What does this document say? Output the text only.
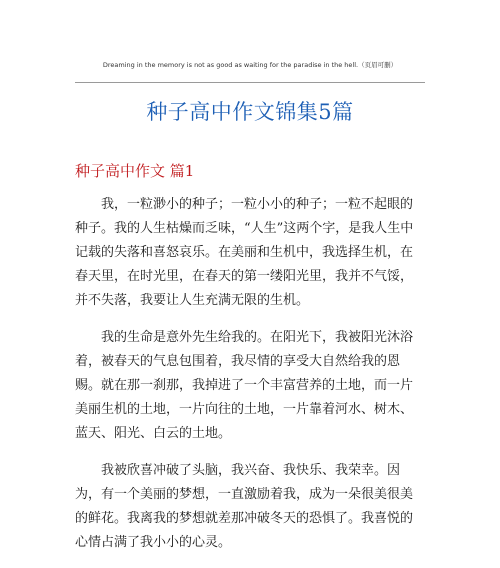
Dreaming in the memory is not as good as waiting for the paradise in the hell.（页眉可删）
种子高中作文锦集5篇
种子高中作文 篇1

我，一粒渺小的种子；一粒小小的种子；一粒不起眼的种子。我的人生枯燥而乏味，“人生”这两个字，是我人生中记载的失落和喜怒哀乐。在美丽和生机中，我选择生机，在春天里，在时光里，在春天的第一缕阳光里，我并不气馁，并不失落，我要让人生充满无限的生机。

我的生命是意外先生给我的。在阳光下，我被阳光沐浴着，被春天的气息包围着，我尽情的享受大自然给我的恩赐。就在那一刹那，我掉进了一个丰富营养的土地，而一片美丽生机的土地，一片向往的土地，一片靠着河水、树木、蓝天、阳光、白云的土地。

我被欣喜冲破了头脑，我兴奋、我快乐、我荣幸。因为，有一个美丽的梦想，一直激励着我，成为一朵很美很美的鲜花。我离我的梦想就差那冲破冬天的恐惧了。我喜悦的心情占满了我小小的心灵。
